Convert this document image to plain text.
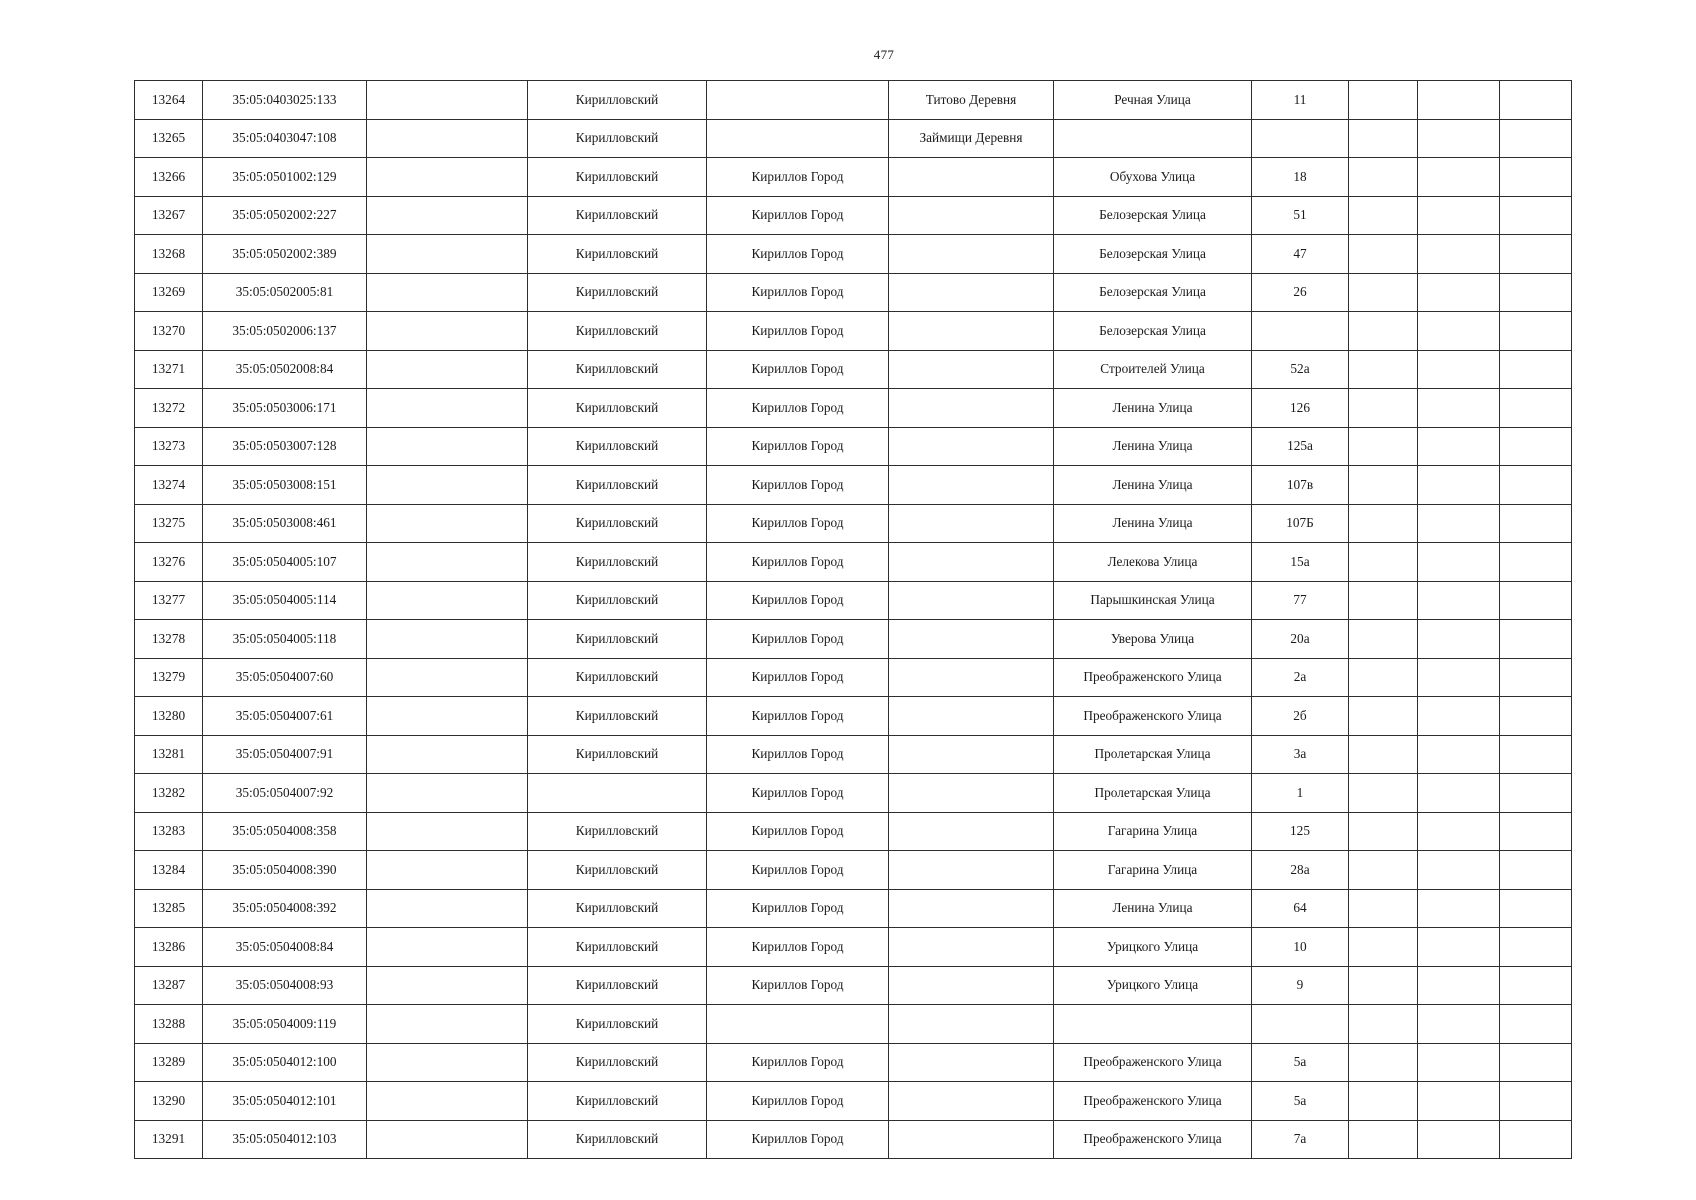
477
13264	35:05:0403025:133		Кирилловский		Титово Деревня	Речная Улица	11			
13265	35:05:0403047:108		Кирилловский		Займищи Деревня					
13266	35:05:0501002:129		Кирилловский	Кириллов Город		Обухова Улица	18			
13267	35:05:0502002:227		Кирилловский	Кириллов Город		Белозерская Улица	51			
13268	35:05:0502002:389		Кирилловский	Кириллов Город		Белозерская Улица	47			
13269	35:05:0502005:81		Кирилловский	Кириллов Город		Белозерская Улица	26			
13270	35:05:0502006:137		Кирилловский	Кириллов Город		Белозерская Улица				
13271	35:05:0502008:84		Кирилловский	Кириллов Город		Строителей Улица	52а			
13272	35:05:0503006:171		Кирилловский	Кириллов Город		Ленина Улица	126			
13273	35:05:0503007:128		Кирилловский	Кириллов Город		Ленина Улица	125а			
13274	35:05:0503008:151		Кирилловский	Кириллов Город		Ленина Улица	107в			
13275	35:05:0503008:461		Кирилловский	Кириллов Город		Ленина Улица	107Б			
13276	35:05:0504005:107		Кирилловский	Кириллов Город		Лелекова Улица	15а			
13277	35:05:0504005:114		Кирилловский	Кириллов Город		Парышкинская Улица	77			
13278	35:05:0504005:118		Кирилловский	Кириллов Город		Уверова Улица	20а			
13279	35:05:0504007:60		Кирилловский	Кириллов Город		Преображенского Улица	2а			
13280	35:05:0504007:61		Кирилловский	Кириллов Город		Преображенского Улица	2б			
13281	35:05:0504007:91		Кирилловский	Кириллов Город		Пролетарская Улица	3а			
13282	35:05:0504007:92			Кириллов Город		Пролетарская Улица	1			
13283	35:05:0504008:358		Кирилловский	Кириллов Город		Гагарина Улица	125			
13284	35:05:0504008:390		Кирилловский	Кириллов Город		Гагарина Улица	28а			
13285	35:05:0504008:392		Кирилловский	Кириллов Город		Ленина Улица	64			
13286	35:05:0504008:84		Кирилловский	Кириллов Город		Урицкого Улица	10			
13287	35:05:0504008:93		Кирилловский	Кириллов Город		Урицкого Улица	9			
13288	35:05:0504009:119		Кирилловский							
13289	35:05:0504012:100		Кирилловский	Кириллов Город		Преображенского Улица	5а			
13290	35:05:0504012:101		Кирилловский	Кириллов Город		Преображенского Улица	5а			
13291	35:05:0504012:103		Кирилловский	Кириллов Город		Преображенского Улица	7а			
